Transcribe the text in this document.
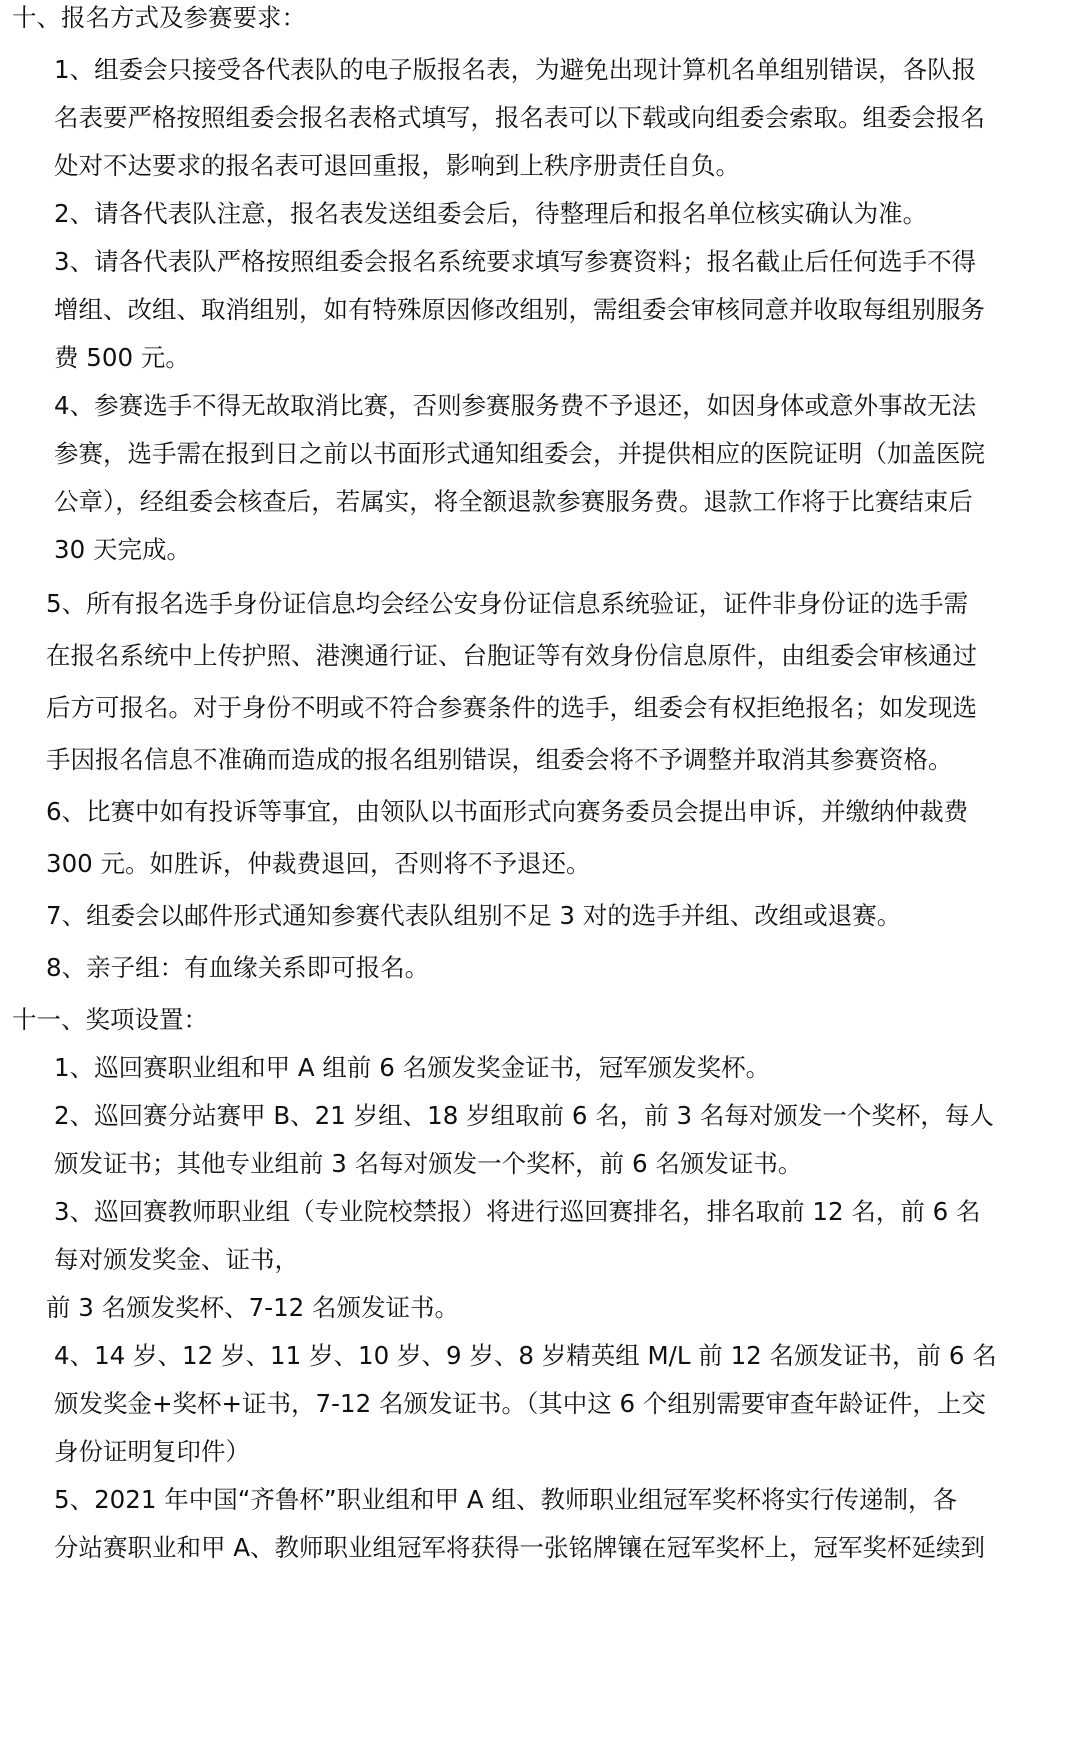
十、报名方式及参赛要求：
1、组委会只接受各代表队的电子版报名表，为避免出现计算机名单组别错误，各队报
名表要严格按照组委会报名表格式填写，报名表可以下载或向组委会索取。组委会报名
处对不达要求的报名表可退回重报，影响到上秩序册责任自负。
2、请各代表队注意，报名表发送组委会后，待整理后和报名单位核实确认为准。
3、请各代表队严格按照组委会报名系统要求填写参赛资料；报名截止后任何选手不得
增组、改组、取消组别，如有特殊原因修改组别，需组委会审核同意并收取每组别服务
费 500 元。
4、参赛选手不得无故取消比赛，否则参赛服务费不予退还，如因身体或意外事故无法
参赛，选手需在报到日之前以书面形式通知组委会，并提供相应的医院证明（加盖医院
公章），经组委会核查后，若属实，将全额退款参赛服务费。退款工作将于比赛结束后
30 天完成。
5、所有报名选手身份证信息均会经公安身份证信息系统验证，证件非身份证的选手需
在报名系统中上传护照、港澳通行证、台胞证等有效身份信息原件，由组委会审核通过
后方可报名。对于身份不明或不符合参赛条件的选手，组委会有权拒绝报名；如发现选
手因报名信息不准确而造成的报名组别错误，组委会将不予调整并取消其参赛资格。
6、比赛中如有投诉等事宜，由领队以书面形式向赛务委员会提出申诉，并缴纳仲裁费
300 元。如胜诉，仲裁费退回，否则将不予退还。
7、组委会以邮件形式通知参赛代表队组别不足 3 对的选手并组、改组或退赛。
8、亲子组：有血缘关系即可报名。
十一、奖项设置：
1、巡回赛职业组和甲 A 组前 6 名颁发奖金证书，冠军颁发奖杯。
2、巡回赛分站赛甲 B、21 岁组、18 岁组取前 6 名，前 3 名每对颁发一个奖杯，每人
颁发证书；其他专业组前 3 名每对颁发一个奖杯，前 6 名颁发证书。
3、巡回赛教师职业组（专业院校禁报）将进行巡回赛排名，排名取前 12 名，前 6 名
每对颁发奖金、证书，
前 3 名颁发奖杯、7-12 名颁发证书。
4、14 岁、12 岁、11 岁、10 岁、9 岁、8 岁精英组 M/L 前 12 名颁发证书，前 6 名
颁发奖金+奖杯+证书，7-12 名颁发证书。（其中这 6 个组别需要审查年龄证件，上交
身份证明复印件）
5、2021 年中国“齐鲁杯”职业组和甲 A 组、教师职业组冠军奖杯将实行传递制，各
分站赛职业和甲 A、教师职业组冠军将获得一张铭牌镶在冠军奖杯上，冠军奖杯延续到
